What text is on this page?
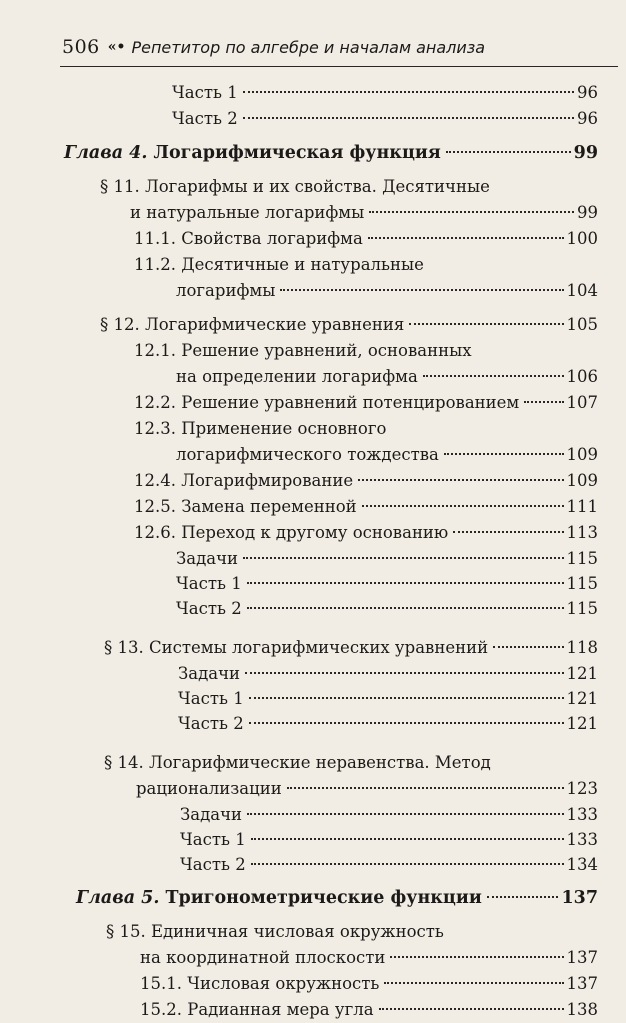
506 «• Репетитор по алгебре и началам анализа
Часть 1	96
Часть 2	96
Глава 4. Логарифмическая функция	99
§ 11. Логарифмы и их свойства. Десятичные
и натуральные логарифмы	99
11.1. Свойства логарифма	100
11.2. Десятичные и натуральные
логарифмы	104
§ 12. Логарифмические уравнения	105
12.1. Решение уравнений, основанных
на определении логарифма	106
12.2. Решение уравнений потенцированием	107
12.3. Применение основного
логарифмического тождества	109
12.4. Логарифмирование	109
12.5. Замена переменной	111
12.6. Переход к другому основанию	113
Задачи	115
Часть 1	115
Часть 2	115
§ 13. Системы логарифмических уравнений	118
Задачи	121
Часть 1	121
Часть 2	121
§ 14. Логарифмические неравенства. Метод
рационализации	123
Задачи	133
Часть 1	133
Часть 2	134
Глава 5. Тригонометрические функции	137
§ 15. Единичная числовая окружность
на координатной плоскости	137
15.1. Числовая окружность	137
15.2. Радианная мера угла	138
